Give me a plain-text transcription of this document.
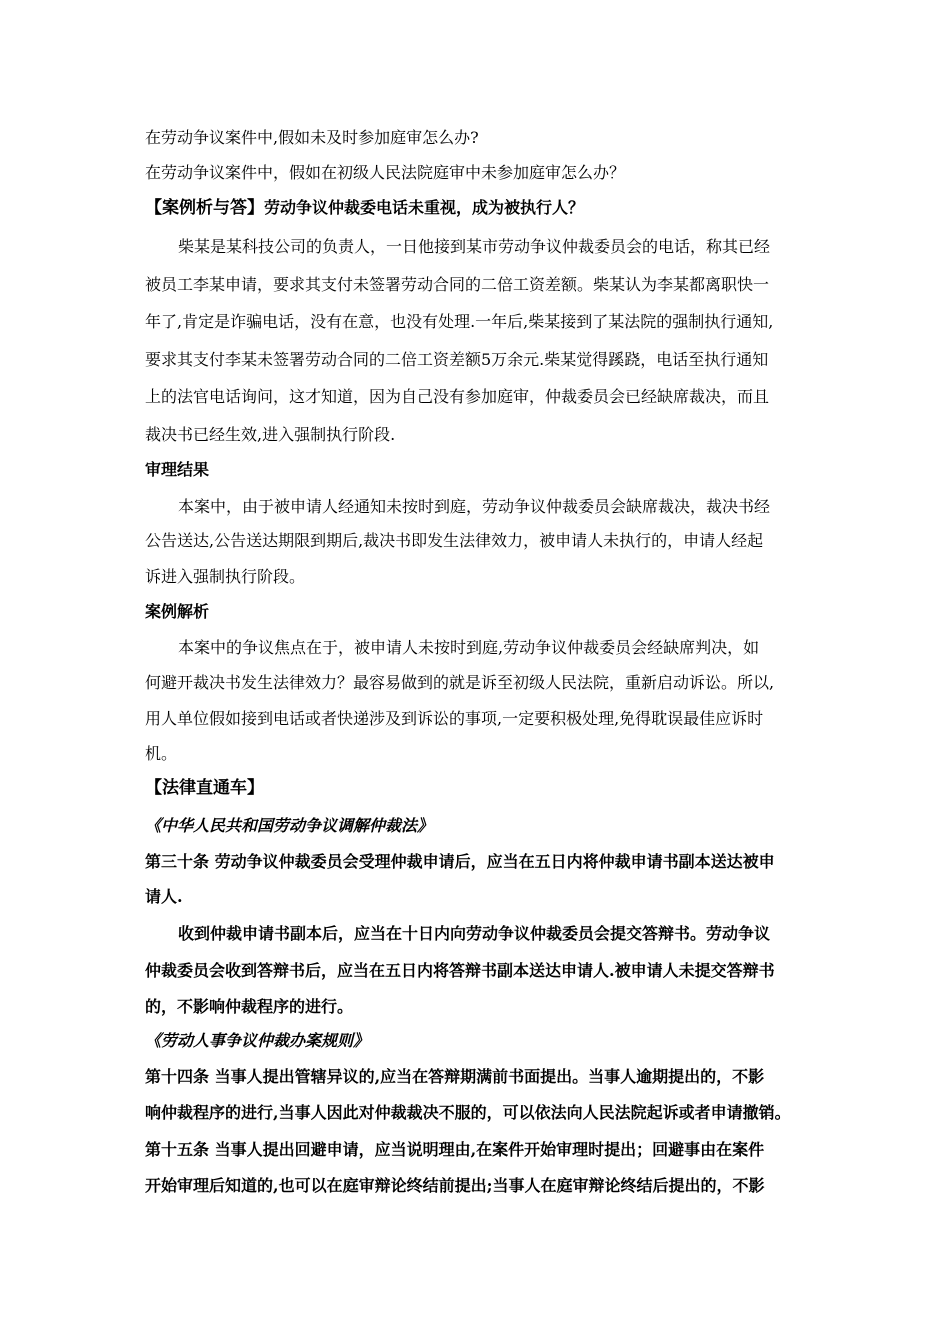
在劳动争议案件中,假如未及时参加庭审怎么办?
在劳动争议案件中，假如在初级人民法院庭审中未参加庭审怎么办？
【案例析与答】劳动争议仲裁委电话未重视，成为被执行人？
柴某是某科技公司的负责人，一日他接到某市劳动争议仲裁委员会的电话，称其已经
被员工李某申请，要求其支付未签署劳动合同的二倍工资差额。柴某认为李某都离职快一
年了,肯定是诈骗电话，没有在意，也没有处理.一年后,柴某接到了某法院的强制执行通知,
要求其支付李某未签署劳动合同的二倍工资差额5万余元.柴某觉得蹊跷，电话至执行通知
上的法官电话询问，这才知道，因为自己没有参加庭审，仲裁委员会已经缺席裁决，而且
裁决书已经生效,进入强制执行阶段.
审理结果
本案中，由于被申请人经通知未按时到庭，劳动争议仲裁委员会缺席裁决，裁决书经
公告送达,公告送达期限到期后,裁决书即发生法律效力，被申请人未执行的，申请人经起
诉进入强制执行阶段。
案例解析
本案中的争议焦点在于，被申请人未按时到庭,劳动争议仲裁委员会经缺席判决，如
何避开裁决书发生法律效力？最容易做到的就是诉至初级人民法院，重新启动诉讼。所以,
用人单位假如接到电话或者快递涉及到诉讼的事项,一定要积极处理,免得耽误最佳应诉时
机。
【法律直通车】
《中华人民共和国劳动争议调解仲裁法》
第三十条 劳动争议仲裁委员会受理仲裁申请后，应当在五日内将仲裁申请书副本送达被申
请人.
收到仲裁申请书副本后，应当在十日内向劳动争议仲裁委员会提交答辩书。劳动争议
仲裁委员会收到答辩书后，应当在五日内将答辩书副本送达申请人.被申请人未提交答辩书
的，不影响仲裁程序的进行。
《劳动人事争议仲裁办案规则》
第十四条 当事人提出管辖异议的,应当在答辩期满前书面提出。当事人逾期提出的，不影
响仲裁程序的进行,当事人因此对仲裁裁决不服的，可以依法向人民法院起诉或者申请撤销。
第十五条 当事人提出回避申请，应当说明理由,在案件开始审理时提出；回避事由在案件
开始审理后知道的,也可以在庭审辩论终结前提出;当事人在庭审辩论终结后提出的，不影
